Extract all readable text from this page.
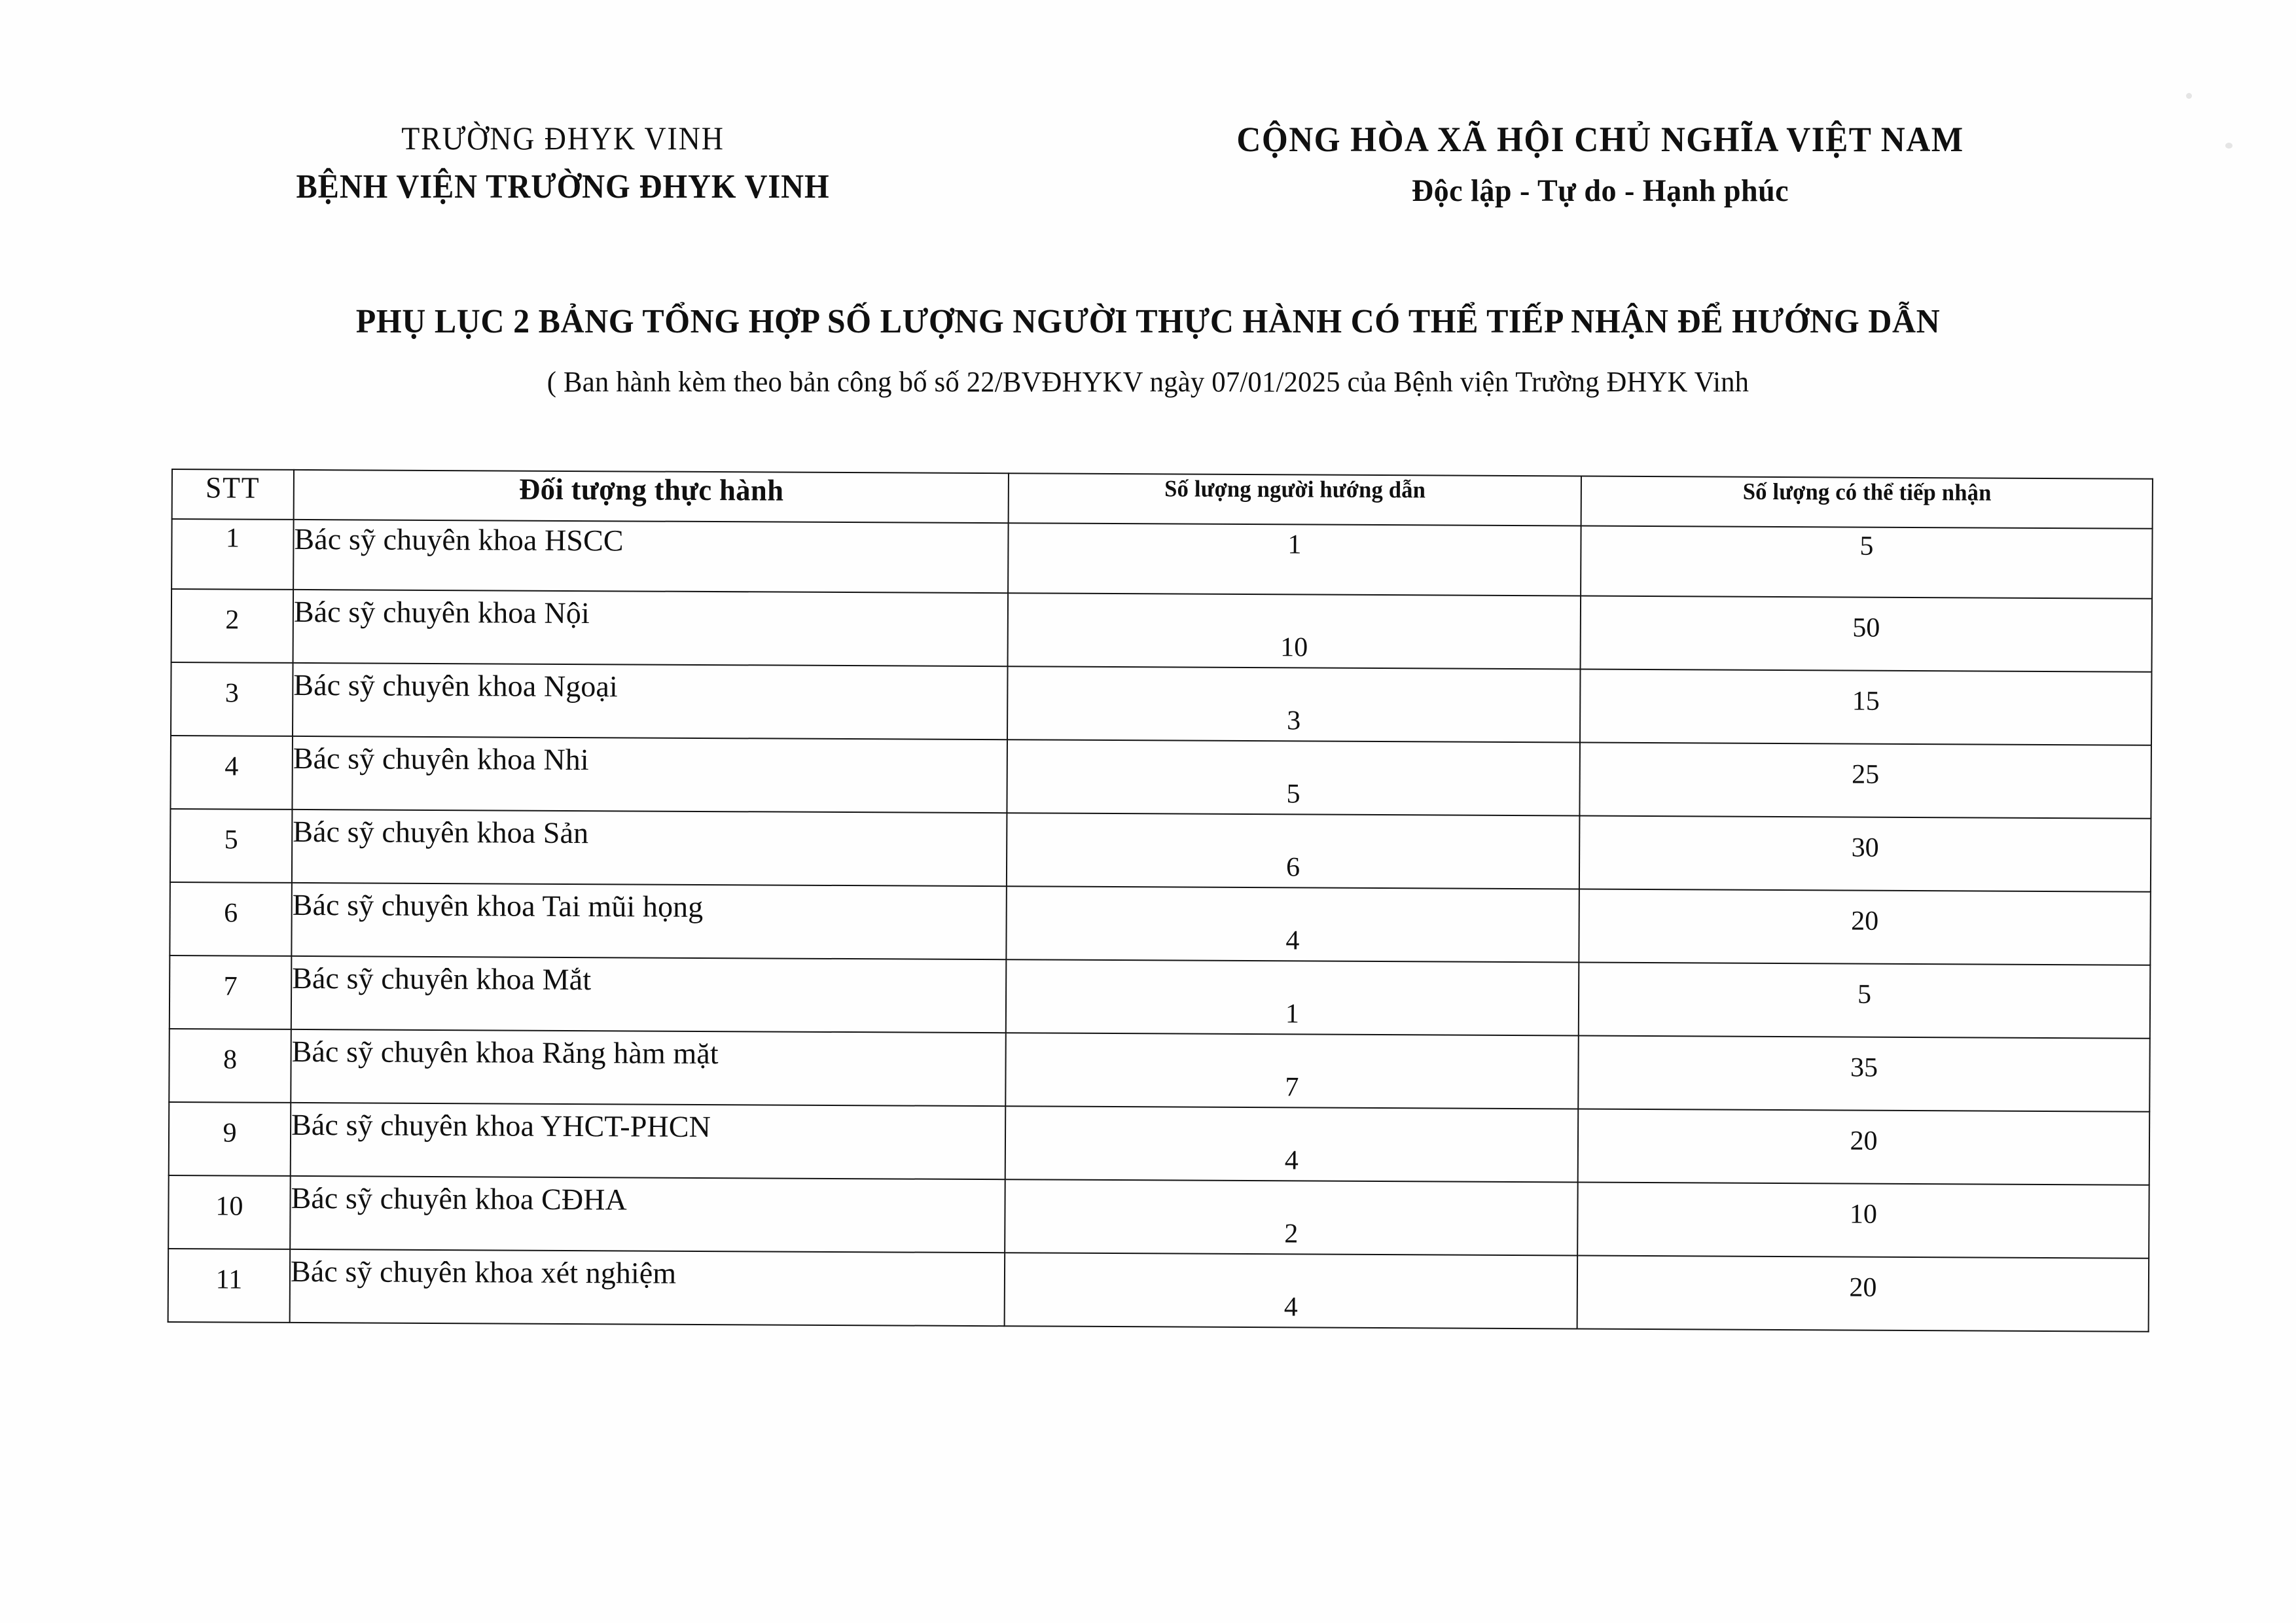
TRƯỜNG ĐHYK VINH
BỆNH VIỆN TRƯỜNG ĐHYK VINH
CỘNG HÒA XÃ HỘI CHỦ NGHĨA VIỆT NAM
Độc lập - Tự do - Hạnh phúc
PHỤ LỤC 2 BẢNG TỔNG HỢP SỐ LƯỢNG NGƯỜI THỰC HÀNH CÓ THỂ TIẾP NHẬN ĐỂ HƯỚNG DẪN
( Ban hành kèm theo bản công bố số 22/BVĐHYKV ngày 07/01/2025 của Bệnh viện Trường ĐHYK Vinh
STT	Đối tượng thực hành	Số lượng người hướng dẫn	Số lượng có thể tiếp nhận

1	Bác sỹ chuyên khoa HSCC	1	5

2	Bác sỹ chuyên khoa Nội	10	50

3	Bác sỹ chuyên khoa Ngoại	3	15

4	Bác sỹ chuyên khoa Nhi	5	25

5	Bác sỹ chuyên khoa Sản	6	30

6	Bác sỹ chuyên khoa Tai mũi họng	4	20

7	Bác sỹ chuyên khoa Mắt	1	5

8	Bác sỹ chuyên khoa Răng hàm mặt	7	35

9	Bác sỹ chuyên khoa YHCT-PHCN	4	20

10	Bác sỹ chuyên khoa CĐHA	2	10

11	Bác sỹ chuyên khoa xét nghiệm	4	20
